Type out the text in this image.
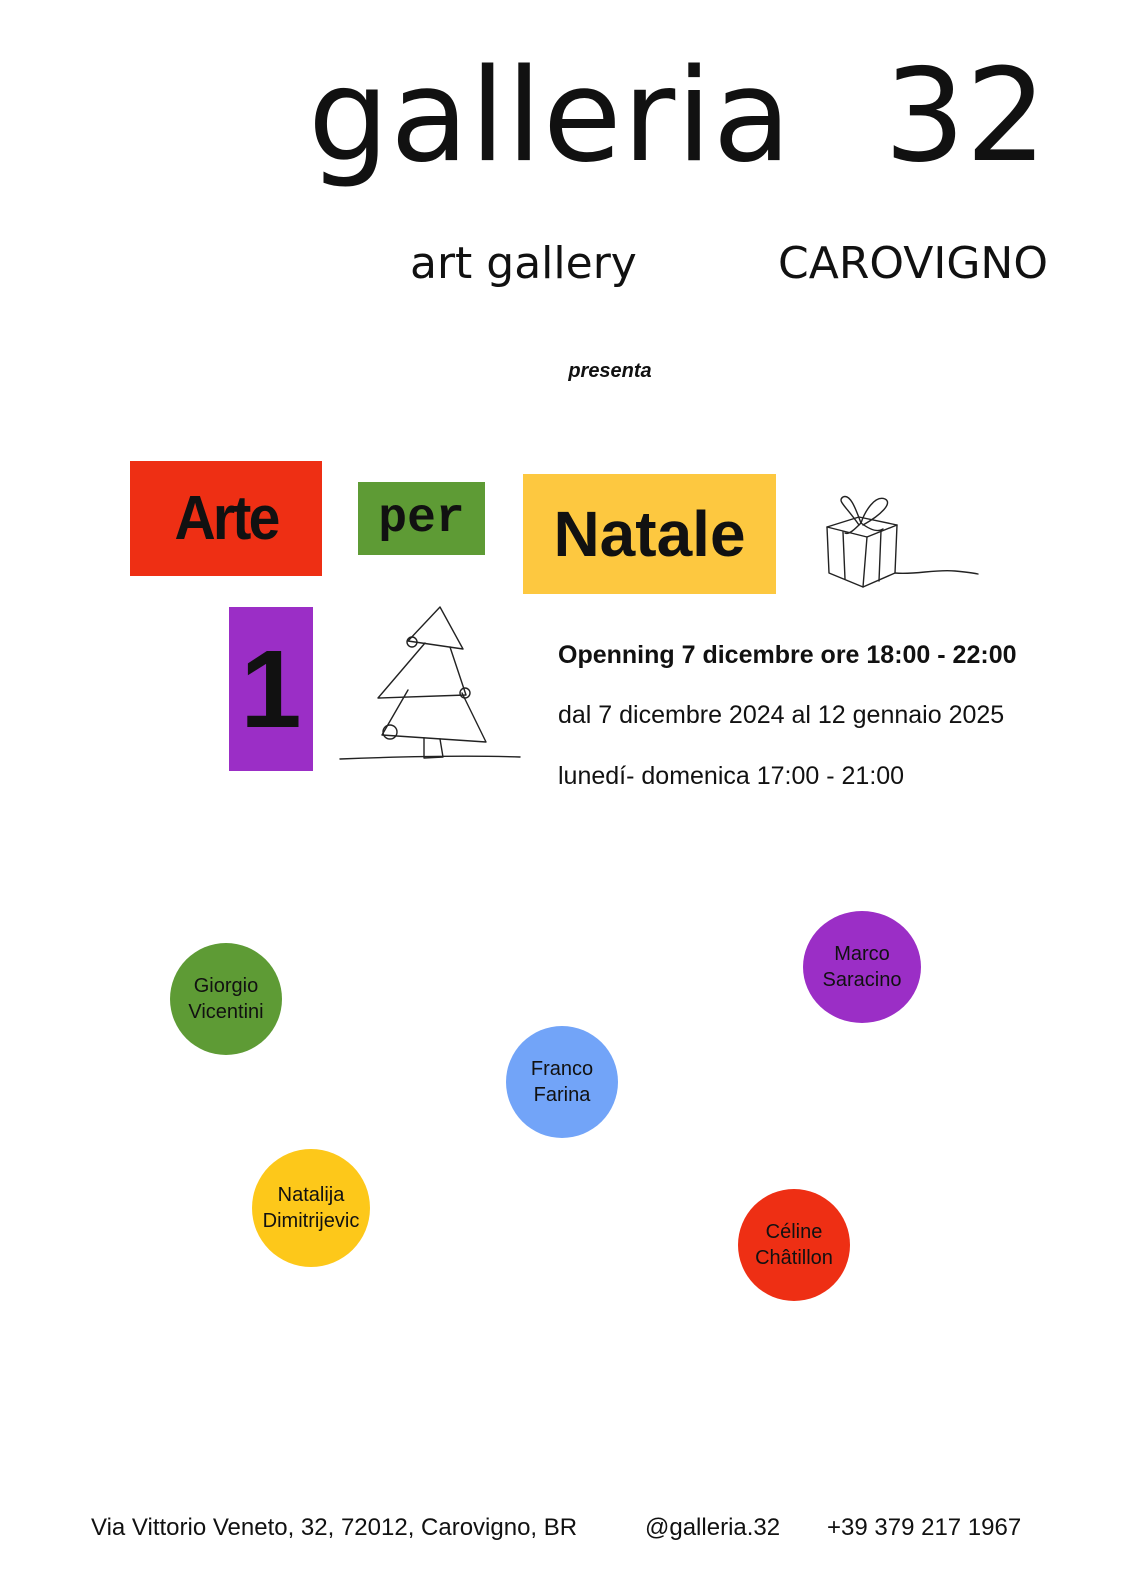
galleria 32
art gallery	CAROVIGNO
presenta
Arte per Natale
1	Openning 7 dicembre ore 18:00 - 22:00
dal 7 dicembre 2024 al 12 gennaio 2025
lunedí- domenica 17:00 - 21:00
Giorgio
Vicentini
Marco
Saracino
Franco
Farina
Natalija
Dimitrijevic	Céline
Châtillon
Via Vittorio Veneto, 32, 72012, Carovigno, BR	@galleria.32 +39 379 217 1967
